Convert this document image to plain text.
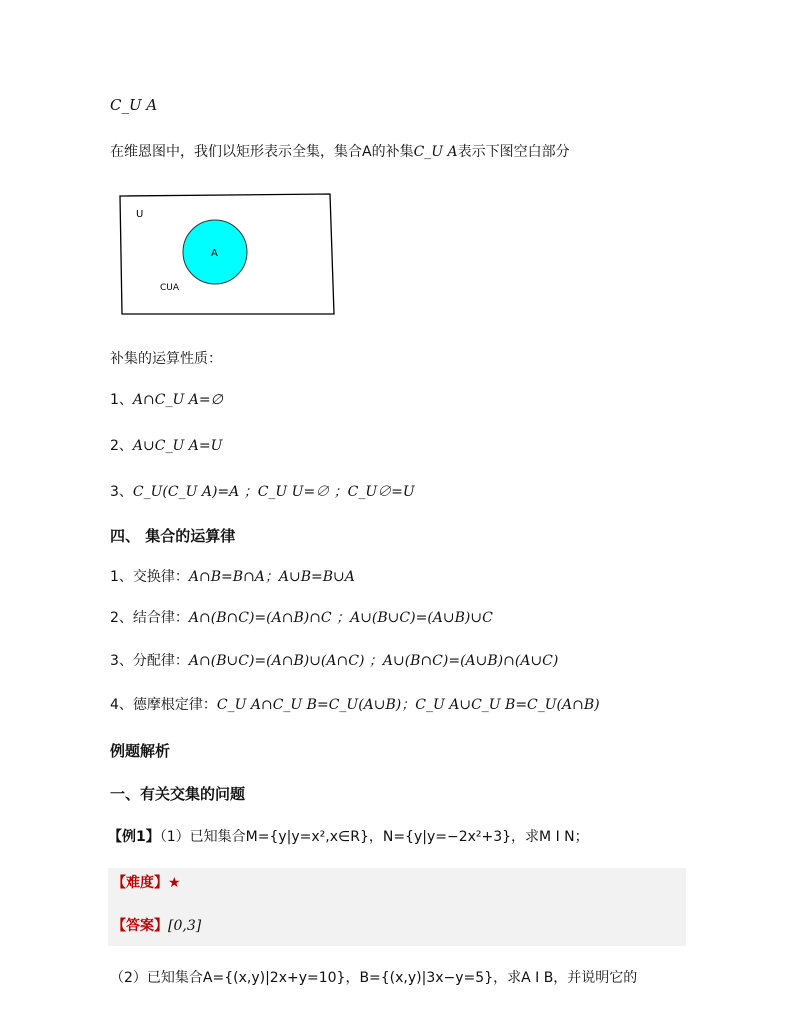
C_U A
在维恩图中，我们以矩形表示全集，集合A的补集C_U A表示下图空白部分
U
A
CUA
补集的运算性质：
1、A∩C_U A=∅
2、A∪C_U A=U
3、C_U(C_U A)=A ；C_U U=∅ ；C_U∅=U
四、 集合的运算律
1、交换律：A∩B=B∩A；A∪B=B∪A
2、结合律：A∩(B∩C)=(A∩B)∩C ；A∪(B∪C)=(A∪B)∪C
3、分配律：A∩(B∪C)=(A∩B)∪(A∩C) ；A∪(B∩C)=(A∪B)∩(A∪C)
4、德摩根定律：C_U A∩C_U B=C_U(A∪B)；C_U A∪C_U B=C_U(A∩B)
例题解析
一、有关交集的问题
【例1】（1）已知集合M={y|y=x²,x∈R}，N={y|y=−2x²+3}，求M I N；
【难度】★
【答案】[0,3]
（2）已知集合A={(x,y)|2x+y=10}，B={(x,y)|3x−y=5}，求A I B，并说明它的
